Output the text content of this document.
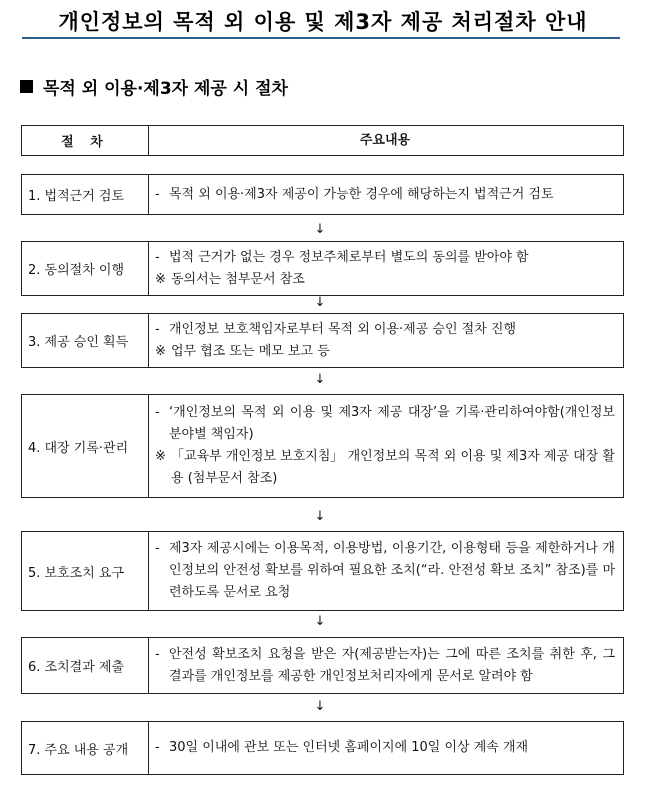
개인정보의 목적 외 이용 및 제3자 제공 처리절차 안내
목적 외 이용·제3자 제공 시 절차
절 차	주요내용
1. 법적근거 검토	- 목적 외 이용·제3자 제공이 가능한 경우에 해당하는지 법적근거 검토
↓
2. 동의절차 이행
- 법적 근거가 없는 경우 정보주체로부터 별도의 동의를 받아야 함
※ 동의서는 첨부문서 참조
↓
3. 제공 승인 획득
- 개인정보 보호책임자로부터 목적 외 이용·제공 승인 절차 진행
※ 업무 협조 또는 메모 보고 등
↓
4. 대장 기록·관리
- ‘개인정보의 목적 외 이용 및 제3자 제공 대장’을 기록·관리하여야함(개인정보 분야별 책임자)
※ 「교육부 개인정보 보호지침」 개인정보의 목적 외 이용 및 제3자 제공 대장 활용 (첨부문서 참조)
↓
5. 보호조치 요구
- 제3자 제공시에는 이용목적, 이용방법, 이용기간, 이용형태 등을 제한하거나 개인정보의 안전성 확보를 위하여 필요한 조치(“라. 안전성 확보 조치” 참조)를 마련하도록 문서로 요청
↓
6. 조치결과 제출
- 안전성 확보조치 요청을 받은 자(제공받는자)는 그에 따른 조치를 취한 후, 그 결과를 개인정보를 제공한 개인정보처리자에게 문서로 알려야 함
↓
7. 주요 내용 공개	- 30일 이내에 관보 또는 인터넷 홈페이지에 10일 이상 계속 개재
